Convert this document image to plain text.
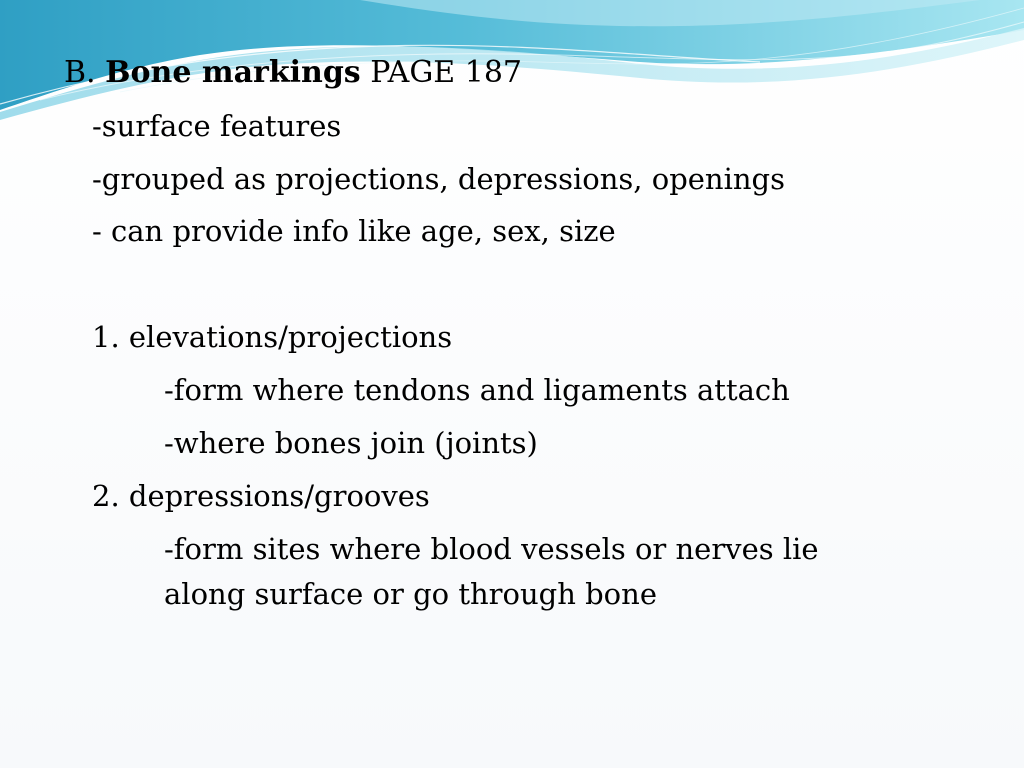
B. Bone markings PAGE 187
-surface features
-grouped as projections, depressions, openings
- can provide info like age, sex, size
1. elevations/projections
-form where tendons and ligaments attach
-where bones join (joints)
2. depressions/grooves
-form sites where blood vessels or nerves lie
along surface or go through bone
